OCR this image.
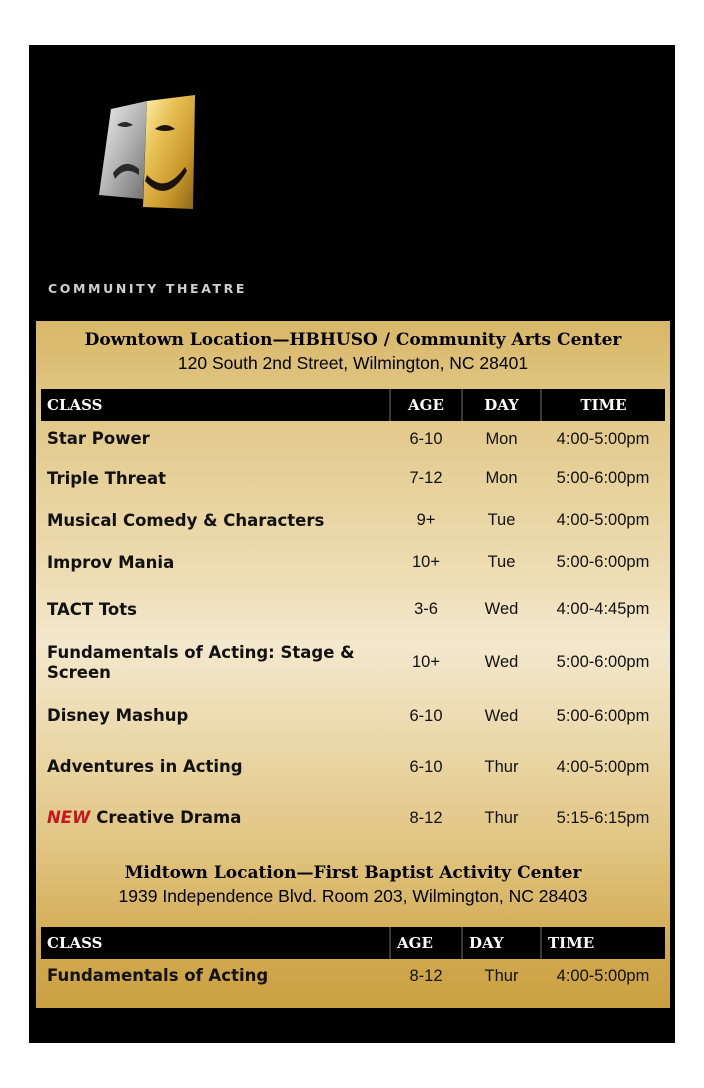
COMMUNITY THEATRE
Downtown Location—HBHUSO / Community Arts Center
120 South 2nd Street, Wilmington, NC 28401
CLASS	AGE	DAY	TIME
Star Power	6-10	Mon	4:00-5:00pm
Triple Threat	7-12	Mon	5:00-6:00pm
Musical Comedy & Characters	9+	Tue	4:00-5:00pm
Improv Mania	10+	Tue	5:00-6:00pm
TACT Tots	3-6	Wed	4:00-4:45pm
Fundamentals of Acting: Stage & Screen	10+	Wed	5:00-6:00pm
Disney Mashup	6-10	Wed	5:00-6:00pm
Adventures in Acting	6-10	Thur	4:00-5:00pm
NEW Creative Drama	8-12	Thur	5:15-6:15pm
Midtown Location—First Baptist Activity Center
1939 Independence Blvd. Room 203, Wilmington, NC 28403
CLASS	AGE	DAY	TIME
Fundamentals of Acting	8-12	Thur	4:00-5:00pm
